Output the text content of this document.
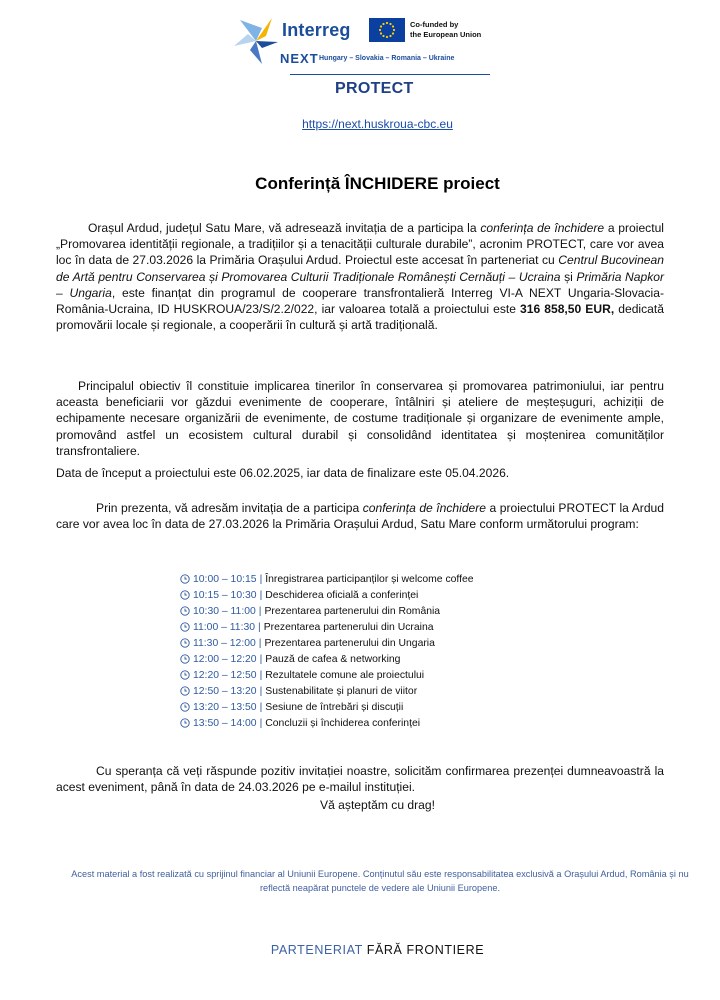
Interreg	Co-funded by
the European Union
NEXT Hungary – Slovakia – Romania – Ukraine
PROTECT
https://next.huskroua-cbc.eu
Conferință ÎNCHIDERE proiect

Orașul Ardud, județul Satu Mare, vă adresează invitația de a participa la conferința de închidere a proiectul „Promovarea identității regionale, a tradițiilor și a tenacității culturale durabile”, acronim PROTECT, care vor avea loc în data de 27.03.2026 la Primăria Orașului Ardud. Proiectul este accesat în parteneriat cu Centrul Bucovinean de Artă pentru Conservarea și Promovarea Culturii Tradiționale Românești Cernăuți – Ucraina și Primăria Napkor – Ungaria, este finanțat din programul de cooperare transfrontalieră Interreg VI-A NEXT Ungaria-Slovacia-România-Ucraina, ID HUSKROUA/23/S/2.2/022, iar valoarea totală a proiectului este 316 858,50 EUR, dedicată promovării locale și regionale, a cooperării în cultură și artă tradițională.

Principalul obiectiv îl constituie implicarea tinerilor în conservarea și promovarea patrimoniului, iar pentru aceasta beneficiarii vor găzdui evenimente de cooperare, întâlniri și ateliere de meșteșuguri, achiziții de echipamente necesare organizării de evenimente, de costume tradiționale și organizare de evenimente ample, promovând astfel un ecosistem cultural durabil și consolidând identitatea și moștenirea comunităților transfrontaliere.

Data de început a proiectului este 06.02.2025, iar data de finalizare este 05.04.2026.

Prin prezenta, vă adresăm invitația de a participa conferința de închidere a proiectului PROTECT la Ardud care vor avea loc în data de 27.03.2026 la Primăria Orașului Ardud, Satu Mare conform următorului program:

10:00 – 10:15 | Înregistrarea participanților și welcome coffee
10:15 – 10:30 | Deschiderea oficială a conferinței
10:30 – 11:00 | Prezentarea partenerului din România
11:00 – 11:30 | Prezentarea partenerului din Ucraina
11:30 – 12:00 | Prezentarea partenerului din Ungaria
12:00 – 12:20 | Pauză de cafea & networking
12:20 – 12:50 | Rezultatele comune ale proiectului
12:50 – 13:20 | Sustenabilitate și planuri de viitor
13:20 – 13:50 | Sesiune de întrebări și discuții
13:50 – 14:00 | Concluzii și închiderea conferinței

Cu speranța că veți răspunde pozitiv invitației noastre, solicităm confirmarea prezenței dumneavoastră la acest eveniment, până în data de 24.03.2026 pe e-mailul instituției.

Vă așteptăm cu drag!
Acest material a fost realizată cu sprijinul financiar al Uniunii Europene. Conținutul său este responsabilitatea exclusivă a Orașului Ardud, România și nu reflectă neapărat punctele de vedere ale Uniunii Europene.
PARTENERIAT FĂRĂ FRONTIERE
